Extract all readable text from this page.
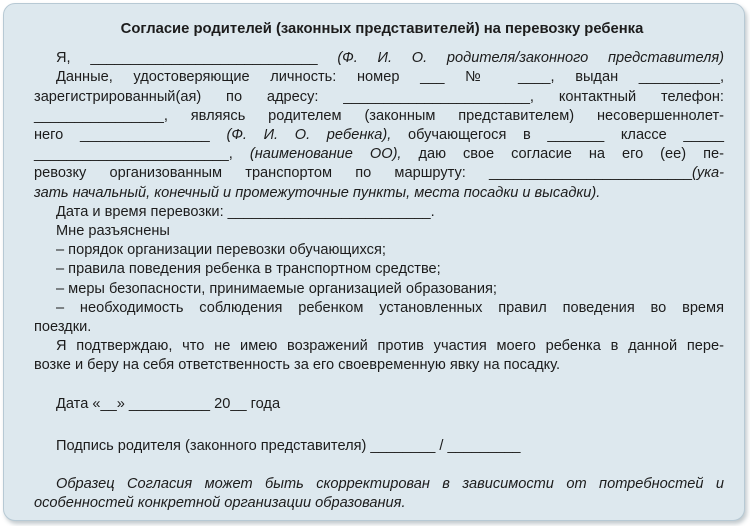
Согласие родителей (законных представителей) на перевозку ребенка

Я, ____________________________ (Ф. И. О. родителя/законного представителя)

Данные, удостоверяющие личность: номер ___ № ____, выдан __________,

зарегистрированный(ая) по адресу: _______________________, контактный телефон:

________________, являясь родителем (законным представителем) несовершеннолет-

него ________________ (Ф. И. О. ребенка), обучающегося в _______ классе _____

________________________, (наименование ОО), даю свое согласие на его (ее) пе-

ревозку организованным транспортом по маршруту: _________________________(ука-

зать начальный, конечный и промежуточные пункты, места посадки и высадки).

Дата и время перевозки: _________________________.

Мне разъяснены

– порядок организации перевозки обучающихся;

– правила поведения ребенка в транспортном средстве;

– меры безопасности, принимаемые организацией образования;

– необходимость соблюдения ребенком установленных правил поведения во время

поездки.

Я подтверждаю, что не имею возражений против участия моего ребенка в данной пере-

возке и беру на себя ответственность за его своевременную явку на посадку.

Дата «__» __________ 20__ года

Подпись родителя (законного представителя) ________ / _________

Образец Согласия может быть скорректирован в зависимости от потребностей и

особенностей конкретной организации образования.
